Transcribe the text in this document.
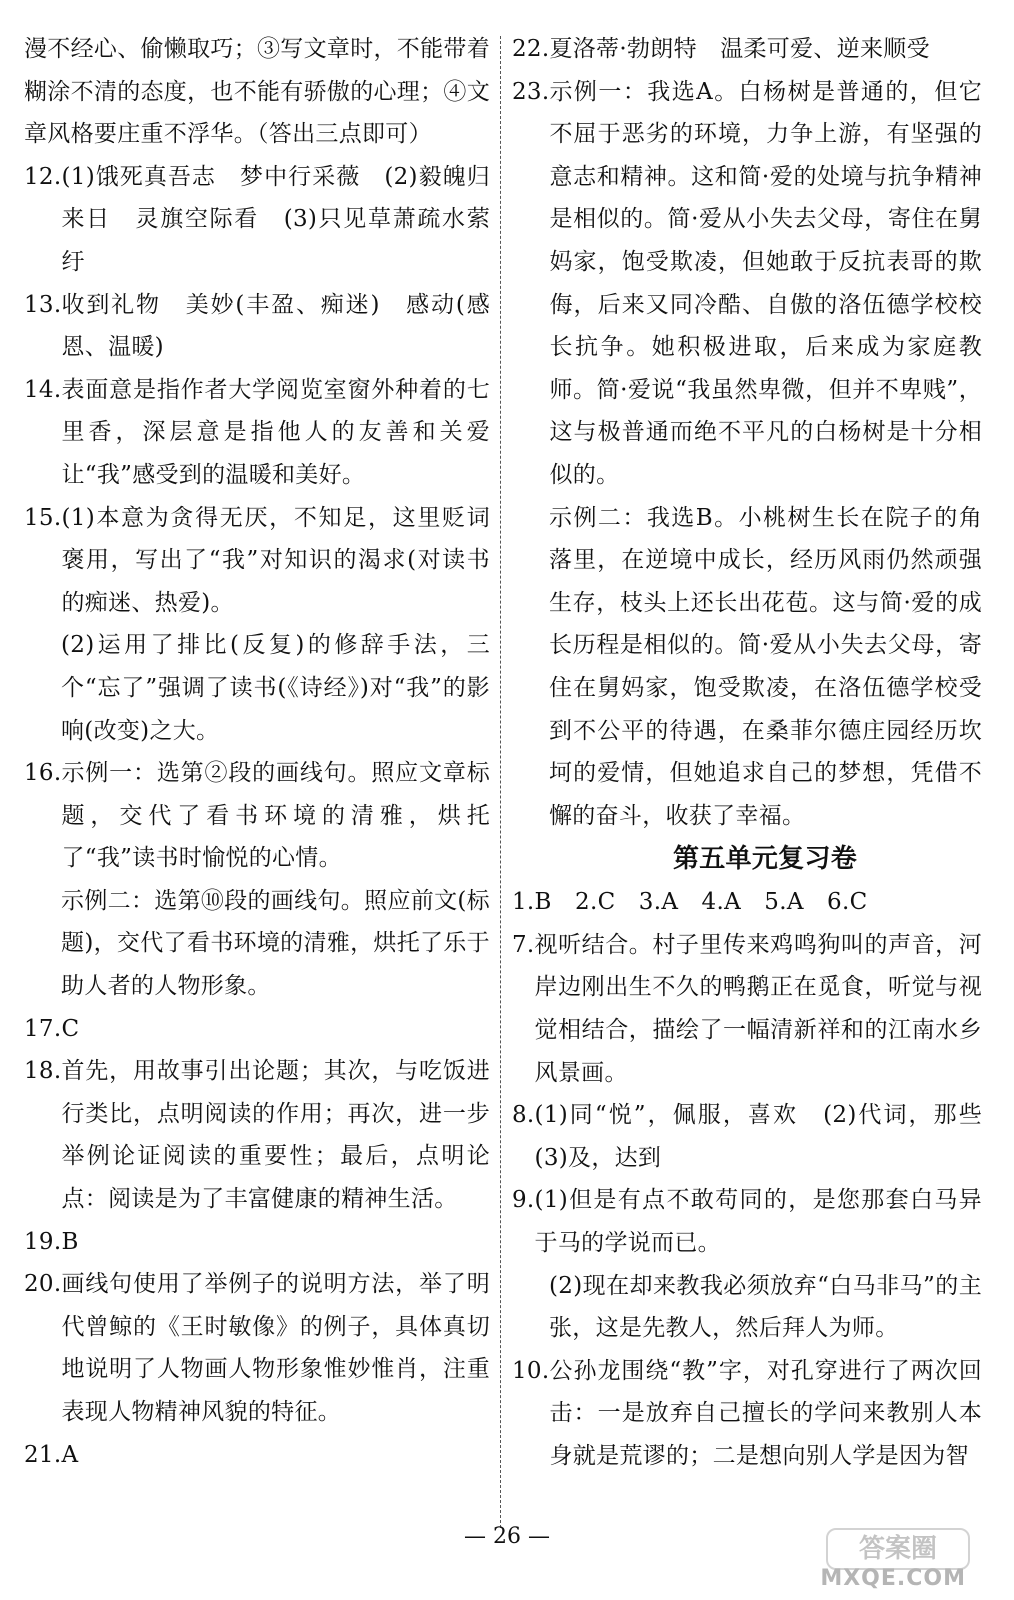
漫不经心、偷懒取巧；③写文章时，不能带着糊涂不清的态度，也不能有骄傲的心理；④文章风格要庄重不浮华。（答出三点即可）
12. (1)饿死真吾志　梦中行采薇　(2)毅魄归来日　灵旗空际看　(3)只见草萧疏水萦纡
13. 收到礼物　美妙(丰盈、痴迷)　感动(感恩、温暖)
14. 表面意是指作者大学阅览室窗外种着的七里香，深层意是指他人的友善和关爱让“我”感受到的温暖和美好。
15. (1)本意为贪得无厌，不知足，这里贬词褒用，写出了“我”对知识的渴求(对读书的痴迷、热爱)。
(2)运用了排比(反复)的修辞手法，三个“忘了”强调了读书(《诗经》)对“我”的影响(改变)之大。
16. 示例一：选第②段的画线句。照应文章标题，交代了看书环境的清雅，烘托了“我”读书时愉悦的心情。
示例二：选第⑩段的画线句。照应前文(标题)，交代了看书环境的清雅，烘托了乐于助人者的人物形象。
17. C
18. 首先，用故事引出论题；其次，与吃饭进行类比，点明阅读的作用；再次，进一步举例论证阅读的重要性；最后，点明论点：阅读是为了丰富健康的精神生活。
19. B
20. 画线句使用了举例子的说明方法，举了明代曾鲸的《王时敏像》的例子，具体真切地说明了人物画人物形象惟妙惟肖，注重表现人物精神风貌的特征。
21. A
22. 夏洛蒂·勃朗特　温柔可爱、逆来顺受
23. 示例一：我选A。白杨树是普通的，但它不屈于恶劣的环境，力争上游，有坚强的意志和精神。这和简·爱的处境与抗争精神是相似的。简·爱从小失去父母，寄住在舅妈家，饱受欺凌，但她敢于反抗表哥的欺侮，后来又同冷酷、自傲的洛伍德学校校长抗争。她积极进取，后来成为家庭教师。简·爱说“我虽然卑微，但并不卑贱”，这与极普通而绝不平凡的白杨树是十分相似的。
示例二：我选B。小桃树生长在院子的角落里，在逆境中成长，经历风雨仍然顽强生存，枝头上还长出花苞。这与简·爱的成长历程是相似的。简·爱从小失去父母，寄住在舅妈家，饱受欺凌，在洛伍德学校受到不公平的待遇，在桑菲尔德庄园经历坎坷的爱情，但她追求自己的梦想，凭借不懈的奋斗，收获了幸福。
第五单元复习卷
1.B　2.C　3.A　4.A　5.A　6.C
7. 视听结合。村子里传来鸡鸣狗叫的声音，河岸边刚出生不久的鸭鹅正在觅食，听觉与视觉相结合，描绘了一幅清新祥和的江南水乡风景画。
8. (1)同“悦”，佩服，喜欢　(2)代词，那些(3)及，达到
9. (1)但是有点不敢苟同的，是您那套白马异于马的学说而已。
(2)现在却来教我必须放弃“白马非马”的主张，这是先教人，然后拜人为师。
10. 公孙龙围绕“教”字，对孔穿进行了两次回击：一是放弃自己擅长的学问来教别人本身就是荒谬的；二是想向别人学是因为智
— 26 —	答案圈
MXQE.COM
